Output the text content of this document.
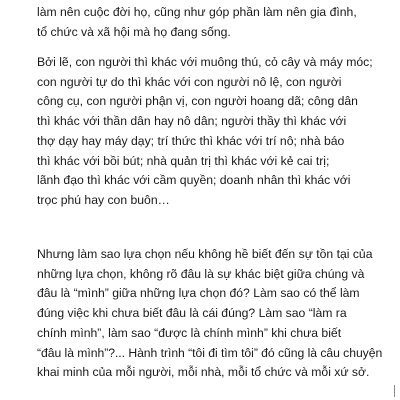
làm nên cuộc đời họ, cũng như góp phần làm nên gia đình,
tổ chức và xã hội mà họ đang sống.
Bởi lẽ, con người thì khác với muông thú, cỏ cây và máy móc;
con người tự do thì khác với con người nô lệ, con người
công cụ, con người phận vị, con người hoang dã; công dân
thì khác với thần dân hay nô dân; người thầy thì khác với
thợ dạy hay máy dạy; trí thức thì khác với trí nô; nhà báo
thì khác với bồi bút; nhà quản trị thì khác với kẻ cai trị;
lãnh đạo thì khác với cầm quyền; doanh nhân thì khác với
trọc phú hay con buôn…
Nhưng làm sao lựa chọn nếu không hề biết đến sự tồn tại của
những lựa chọn, không rõ đâu là sự khác biệt giữa chúng và
đâu là “mình” giữa những lựa chọn đó? Làm sao có thể làm
đúng việc khi chưa biết đâu là cái đúng? Làm sao “làm ra
chính mình”, làm sao “được là chính mình” khi chưa biết
“đâu là mình”?... Hành trình “tôi đi tìm tôi” đó cũng là câu chuyện
khai minh của mỗi người, mỗi nhà, mỗi tổ chức và mỗi xứ sở.
